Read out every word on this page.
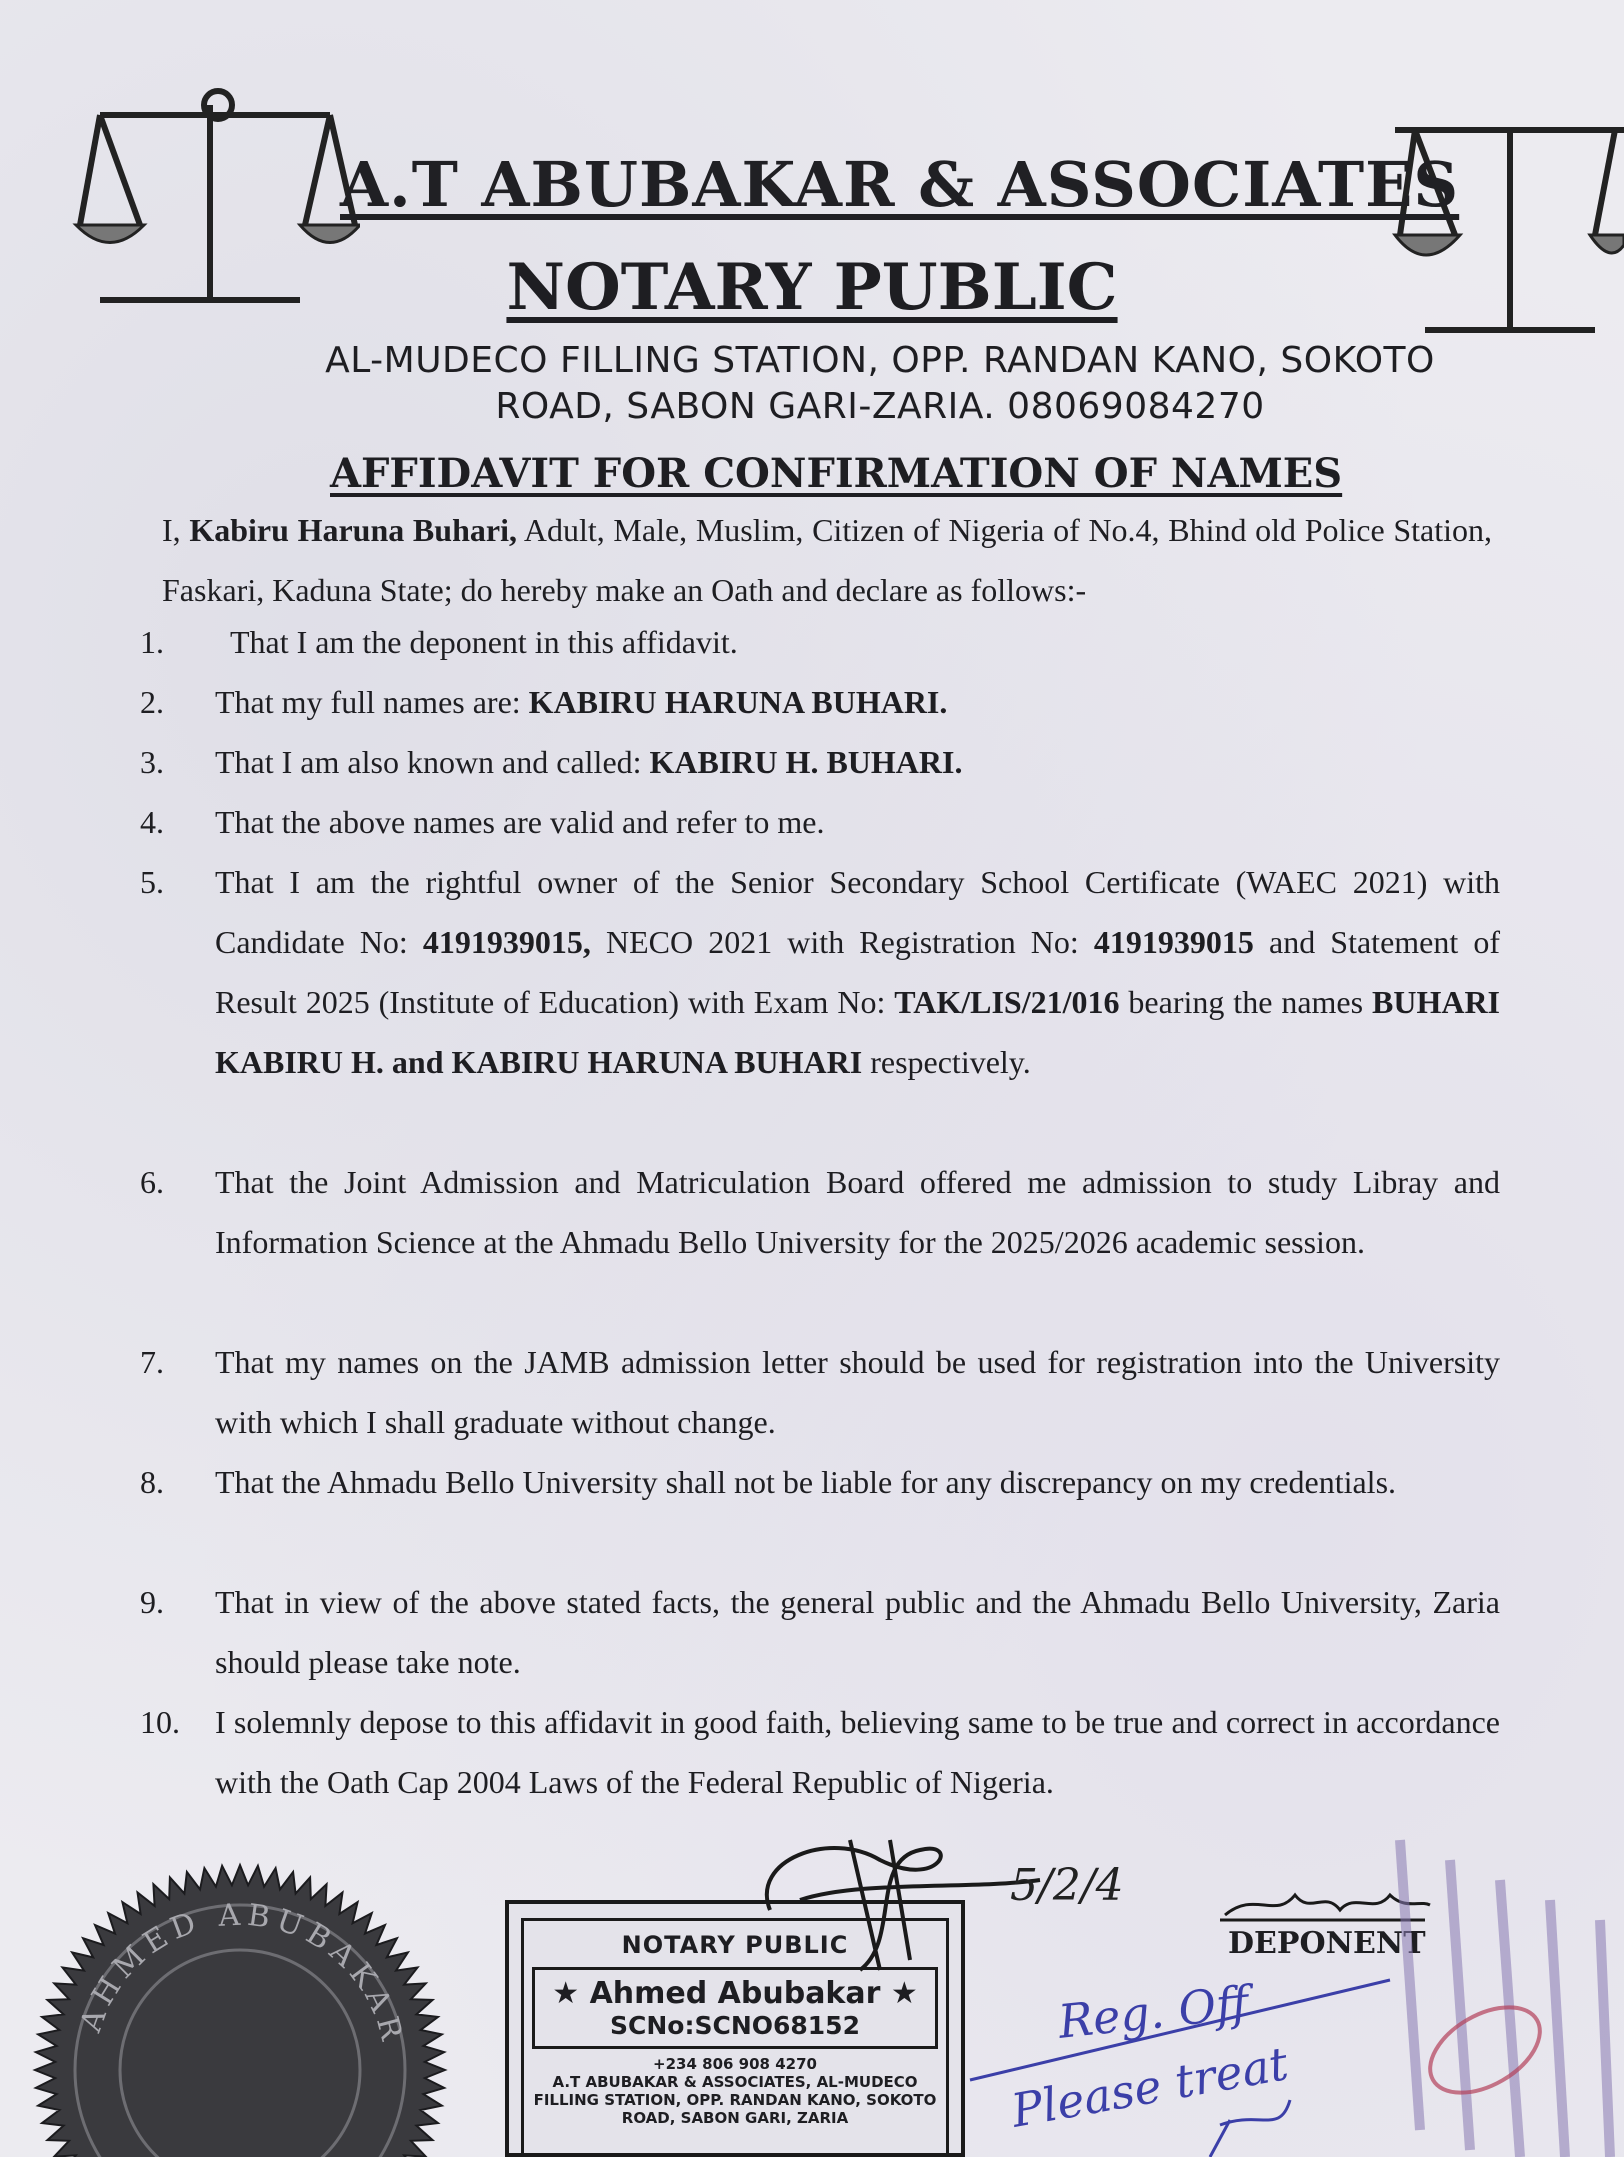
A.T ABUBAKAR & ASSOCIATES
NOTARY PUBLIC
AL-MUDECO FILLING STATION, OPP. RANDAN KANO, SOKOTO
ROAD, SABON GARI-ZARIA. 08069084270
AFFIDAVIT FOR CONFIRMATION OF NAMES
I, Kabiru Haruna Buhari, Adult, Male, Muslim, Citizen of Nigeria of No.4, Bhind old Police Station, Faskari, Kaduna State; do hereby make an Oath and declare as follows:-
1.	That I am the deponent in this affidavit.
2.	That my full names are: KABIRU HARUNA BUHARI.
3.	That I am also known and called: KABIRU H. BUHARI.
4.	That the above names are valid and refer to me.
5.	That I am the rightful owner of the Senior Secondary School Certificate (WAEC 2021) with Candidate No: 4191939015, NECO 2021 with Registration No: 4191939015 and Statement of Result 2025 (Institute of Education) with Exam No: TAK/LIS/21/016 bearing the names BUHARI KABIRU H. and KABIRU HARUNA BUHARI respectively.
6.	That the Joint Admission and Matriculation Board offered me admission to study Libray and Information Science at the Ahmadu Bello University for the 2025/2026 academic session.
7.	That my names on the JAMB admission letter should be used for registration into the University with which I shall graduate without change.
8.	That the Ahmadu Bello University shall not be liable for any discrepancy on my credentials.
9.	That in view of the above stated facts, the general public and the Ahmadu Bello University, Zaria should please take note.
10.	I solemnly depose to this affidavit in good faith, believing same to be true and correct in accordance with the Oath Cap 2004 Laws of the Federal Republic of Nigeria.
AHMED ABUBAKAR
NOTARY PUBLIC
★ Ahmed Abubakar ★
SCNo:SCNO68152
+234 806 908 4270
A.T ABUBAKAR & ASSOCIATES, AL-MUDECO FILLING STATION, OPP. RANDAN KANO, SOKOTO ROAD, SABON GARI, ZARIA
5/2/4
DEPONENT
Reg. Off
Please treat
